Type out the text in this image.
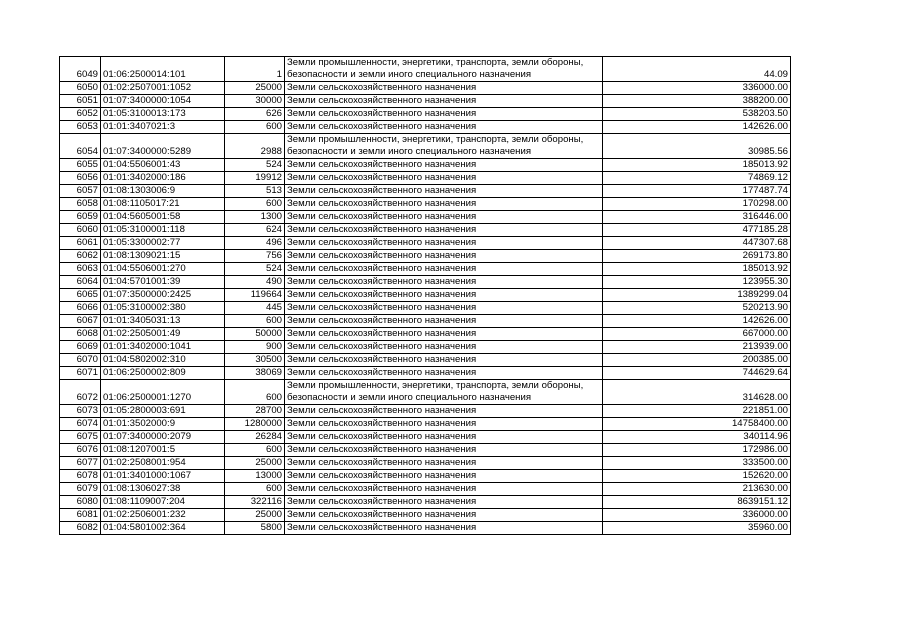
6049	01:06:2500014:101	1	Земли промышленности, энергетики, транспорта, земли обороны, безопасности и земли иного специального назначения	44.09
6050	01:02:2507001:1052	25000	Земли сельскохозяйственного назначения	336000.00
6051	01:07:3400000:1054	30000	Земли сельскохозяйственного назначения	388200.00
6052	01:05:3100013:173	626	Земли сельскохозяйственного назначения	538203.50
6053	01:01:3407021:3	600	Земли сельскохозяйственного назначения	142626.00
6054	01:07:3400000:5289	2988	Земли промышленности, энергетики, транспорта, земли обороны, безопасности и земли иного специального назначения	30985.56
6055	01:04:5506001:43	524	Земли сельскохозяйственного назначения	185013.92
6056	01:01:3402000:186	19912	Земли сельскохозяйственного назначения	74869.12
6057	01:08:1303006:9	513	Земли сельскохозяйственного назначения	177487.74
6058	01:08:1105017:21	600	Земли сельскохозяйственного назначения	170298.00
6059	01:04:5605001:58	1300	Земли сельскохозяйственного назначения	316446.00
6060	01:05:3100001:118	624	Земли сельскохозяйственного назначения	477185.28
6061	01:05:3300002:77	496	Земли сельскохозяйственного назначения	447307.68
6062	01:08:1309021:15	756	Земли сельскохозяйственного назначения	269173.80
6063	01:04:5506001:270	524	Земли сельскохозяйственного назначения	185013.92
6064	01:04:5701001:39	490	Земли сельскохозяйственного назначения	123955.30
6065	01:07:3500000:2425	119664	Земли сельскохозяйственного назначения	1389299.04
6066	01:05:3100002:380	445	Земли сельскохозяйственного назначения	520213.90
6067	01:01:3405031:13	600	Земли сельскохозяйственного назначения	142626.00
6068	01:02:2505001:49	50000	Земли сельскохозяйственного назначения	667000.00
6069	01:01:3402000:1041	900	Земли сельскохозяйственного назначения	213939.00
6070	01:04:5802002:310	30500	Земли сельскохозяйственного назначения	200385.00
6071	01:06:2500002:809	38069	Земли сельскохозяйственного назначения	744629.64
6072	01:06:2500001:1270	600	Земли промышленности, энергетики, транспорта, земли обороны, безопасности и земли иного специального назначения	314628.00
6073	01:05:2800003:691	28700	Земли сельскохозяйственного назначения	221851.00
6074	01:01:3502000:9	1280000	Земли сельскохозяйственного назначения	14758400.00
6075	01:07:3400000:2079	26284	Земли сельскохозяйственного назначения	340114.96
6076	01:08:1207001:5	600	Земли сельскохозяйственного назначения	172986.00
6077	01:02:2508001:954	25000	Земли сельскохозяйственного назначения	333500.00
6078	01:01:3401000:1067	13000	Земли сельскохозяйственного назначения	152620.00
6079	01:08:1306027:38	600	Земли сельскохозяйственного назначения	213630.00
6080	01:08:1109007:204	322116	Земли сельскохозяйственного назначения	8639151.12
6081	01:02:2506001:232	25000	Земли сельскохозяйственного назначения	336000.00
6082	01:04:5801002:364	5800	Земли сельскохозяйственного назначения	35960.00
